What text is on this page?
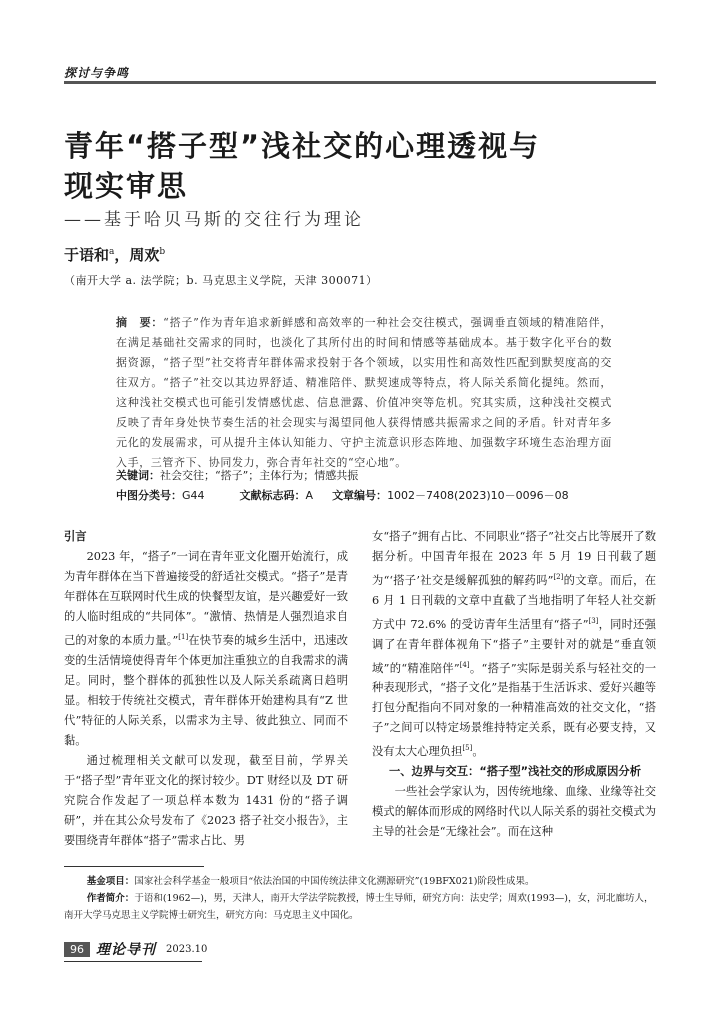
探讨与争鸣
青年“搭子型”浅社交的心理透视与
现实审思
——基于哈贝马斯的交往行为理论
于语和$^a$，周欢$^b$
（南开大学 a. 法学院；b. 马克思主义学院，天津 300071）
摘　要：“搭子”作为青年追求新鲜感和高效率的一种社会交往模式，强调垂直领域的精准陪伴，在满足基础社交需求的同时，也淡化了其所付出的时间和情感等基础成本。基于数字化平台的数据资源，“搭子型”社交将青年群体需求投射于各个领域，以实用性和高效性匹配到默契度高的交往双方。“搭子”社交以其边界舒适、精准陪伴、默契速成等特点，将人际关系简化提纯。然而，这种浅社交模式也可能引发情感忧虑、信息泄露、价值冲突等危机。究其实质，这种浅社交模式反映了青年身处快节奏生活的社会现实与渴望同他人获得情感共振需求之间的矛盾。针对青年多元化的发展需求，可从提升主体认知能力、守护主流意识形态阵地、加强数字环境生态治理方面入手，三管齐下、协同发力，弥合青年社交的“空心地”。
关键词：社会交往；“搭子”；主体行为；情感共振
中图分类号：G44	文献标志码：A 文章编号：1002－7408(2023)10－0096－08

引言

2023 年，“搭子”一词在青年亚文化圈开始流行，成为青年群体在当下普遍接受的舒适社交模式。“搭子”是青年群体在互联网时代生成的快餐型友谊，是兴趣爱好一致的人临时组成的“共同体”。“激情、热情是人强烈追求自己的对象的本质力量。”[1]在快节奏的城乡生活中，迅速改变的生活情境使得青年个体更加注重独立的自我需求的满足。同时，整个群体的孤独性以及人际关系疏离日趋明显。相较于传统社交模式，青年群体开始建构具有“Z 世代”特征的人际关系，以需求为主导、彼此独立、同而不黏。

通过梳理相关文献可以发现，截至目前，学界关于“搭子型”青年亚文化的探讨较少。DT 财经以及 DT 研究院合作发起了一项总样本数为 1431 份的“搭子调研”，并在其公众号发布了《2023 搭子社交小报告》，主要围绕青年群体“搭子”需求占比、男

女“搭子”拥有占比、不同职业“搭子”社交占比等展开了数据分析。中国青年报在 2023 年 5 月 19 日刊载了题为“‘搭子’社交是缓解孤独的解药吗”[2]的文章。而后，在 6 月 1 日刊载的文章中直截了当地指明了年轻人社交新方式中 72.6% 的受访青年生活里有“搭子”[3]，同时还强调了在青年群体视角下“搭子”主要针对的就是“垂直领域”的“精准陪伴”[4]。“搭子”实际是弱关系与轻社交的一种表现形式，“搭子文化”是指基于生活诉求、爱好兴趣等打包分配指向不同对象的一种精准高效的社交文化，“搭子”之间可以特定场景维持特定关系，既有必要支持，又没有太大心理负担[5]。

一、边界与交互：“搭子型”浅社交的形成原因分析

一些社会学家认为，因传统地缘、血缘、业缘等社交模式的解体而形成的网络时代以人际关系的弱社交模式为主导的社会是“无缘社会”。而在这种

基金项目：国家社会科学基金一般项目“依法治国的中国传统法律文化溯源研究”(19BFX021)阶段性成果。

作者简介：于语和(1962—)，男，天津人，南开大学法学院教授，博士生导师，研究方向：法史学；周欢(1993—)，女，河北廊坊人，南开大学马克思主义学院博士研究生，研究方向：马克思主义中国化。

96 理论导刊 2023.10
